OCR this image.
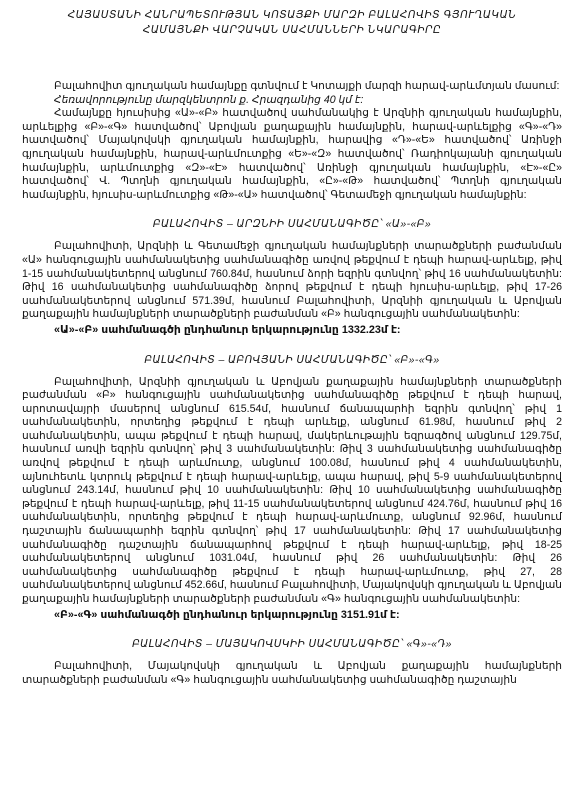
ՀԱՅԱՍՏԱՆԻ ՀԱՆՐԱՊԵՏՈՒԹՅԱՆ ԿՈՏԱՅՔԻ ՄԱՐԶԻ ԲԱԼԱՀՈՎԻՏ ԳՅՈՒՂԱԿԱՆ
ՀԱՄԱՅՆՔԻ ՎԱՐՉԱԿԱՆ ՍԱՀՄԱՆՆԵՐԻ ՆԿԱՐԱԳԻՐԸ

Բալահովիտ գյուղական համայնքը գտնվում է Կոտայքի մարզի հարավ-արևմտյան մասում:

Հեռավորությունը մարզկենտրոն ք. Հրազդանից 40 կմ է:

Համայնքը հյուսիսից «Ա»-«Բ» հատվածով սահմանակից է Արզնիի գյուղական համայնքին, արևելքից «Բ»-«Գ» հատվածով՝ Աբովյան քաղաքային համայնքին, հարավ-արևելքից «Գ»-«Դ» հատվածով՝ Մայակովսկի գյուղական համայնքին, հարավից «Դ»-«Ե» հատվածով՝ Առինջի գյուղական համայնքին, հարավ-արևմուտքից «Ե»-«Զ» հատվածով՝ Ռադիոկայանի գյուղական համայնքին, արևմուտքից «Զ»-«Է» հատվածով՝ Առինջի գյուղական համայնքին, «Է»-«Ը» հատվածով՝ Վ. Պտղնի գյուղական համայնքին, «Ը»-«Թ» հատվածով՝ Պտղնի գյուղական համայնքին, հյուսիս-արևմուտքից «Թ»-«Ա» հատվածով՝ Գետամեջի գյուղական համայնքին:

ԲԱԼԱՀՈՎԻՏ – ԱՐԶՆԻԻ ՍԱՀՄԱՆԱԳԻԾԸ՝ «Ա»-«Բ»

Բալահովիտի, Արզնիի և Գետամեջի գյուղական համայնքների տարածքների բաժանման «Ա» հանգուցային սահմանակետից սահմանագիծը առվով թեքվում է դեպի հարավ-արևելք, թիվ 1-15 սահմանակետերով անցնում 760.84մ, հասնում ձորի եզրին գտնվող՝ թիվ 16 սահմանակետին: Թիվ 16 սահմանակետից սահմանագիծը ձորով թեքվում է դեպի հյուսիս-արևելք, թիվ 17-26 սահմանակետերով անցնում 571.39մ, հասնում Բալահովիտի, Արզնիի գյուղական և Աբովյան քաղաքային համայնքների տարածքների բաժանման «Բ» հանգուցային սահմանակետին:

«Ա»-«Բ» սահմանագծի ընդհանուր երկարությունը 1332.23մ է:

ԲԱԼԱՀՈՎԻՏ – ԱԲՈՎՅԱՆԻ ՍԱՀՄԱՆԱԳԻԾԸ՝ «Բ»-«Գ»

Բալահովիտի, Արզնիի գյուղական և Աբովյան քաղաքային համայնքների տարածքների բաժանման «Բ» հանգուցային սահմանակետից սահմանագիծը թեքվում է դեպի հարավ, արոտավայրի մասերով անցնում 615.54մ, հասնում ճանապարհի եզրին գտնվող՝ թիվ 1 սահմանակետին, որտեղից թեքվում է դեպի արևելք, անցնում 61.98մ, հասնում թիվ 2 սահմանակետին, ապա թեքվում է դեպի հարավ, մակերևութային եզրագծով անցնում 129.75մ, հասնում առվի եզրին գտնվող՝ թիվ 3 սահմանակետին: Թիվ 3 սահմանակետից սահմանագիծը առվով թեքվում է դեպի արևմուտք, անցնում 100.08մ, հասնում թիվ 4 սահմանակետին, այնուհետև կտրուկ թեքվում է դեպի հարավ-արևելք, ապա հարավ, թիվ 5-9 սահմանակետերով անցնում 243.14մ, հասնում թիվ 10 սահմանակետին: Թիվ 10 սահմանակետից սահմանագիծը թեքվում է դեպի հարավ-արևելք, թիվ 11-15 սահմանակետերով անցնում 424.76մ, հասնում թիվ 16 սահմանակետին, որտեղից թեքվում է դեպի հարավ-արևմուտք, անցնում 92.96մ, հասնում դաշտային ճանապարհի եզրին գտնվող՝ թիվ 17 սահմանակետին: Թիվ 17 սահմանակետից սահմանագիծը դաշտային ճանապարհով թեքվում է դեպի հարավ-արևելք, թիվ 18-25 սահմանակետերով անցնում 1031.04մ, հասնում թիվ 26 սահմանակետին: Թիվ 26 սահմանակետից սահմանագիծը թեքվում է դեպի հարավ-արևմուտք, թիվ 27, 28 սահմանակետերով անցնում 452.66մ, հասնում Բալահովիտի, Մայակովսկի գյուղական և Աբովյան քաղաքային համայնքների տարածքների բաժանման «Գ» հանգուցային սահմանակետին:

«Բ»-«Գ» սահմանագծի ընդհանուր երկարությունը 3151.91մ է:

ԲԱԼԱՀՈՎԻՏ – ՄԱՅԱԿՈՎՍԿԻԻ ՍԱՀՄԱՆԱԳԻԾԸ՝ «Գ»-«Դ»

Բալահովիտի, Մայակովսկի գյուղական և Աբովյան քաղաքային համայնքների տարածքների բաժանման «Գ» հանգուցային սահմանակետից սահմանագիծը դաշտային
